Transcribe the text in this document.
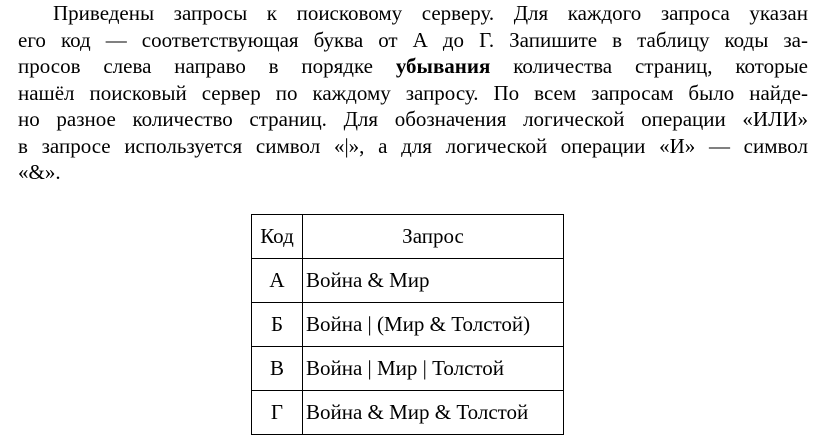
Приведены запросы к поисковому серверу. Для каждого запроса указан
его код — соответствующая буква от А до Г. Запишите в таблицу коды за-
просов слева направо в порядке убывания количества страниц, которые
нашёл поисковый сервер по каждому запросу. По всем запросам было найде-
но разное количество страниц. Для обозначения логической операции «ИЛИ»
в запросе используется символ «|», а для логической операции «И» — символ
«&».
Код	Запрос
А	Война & Мир
Б	Война | (Мир & Толстой)
В	Война | Мир | Толстой
Г	Война & Мир & Толстой
